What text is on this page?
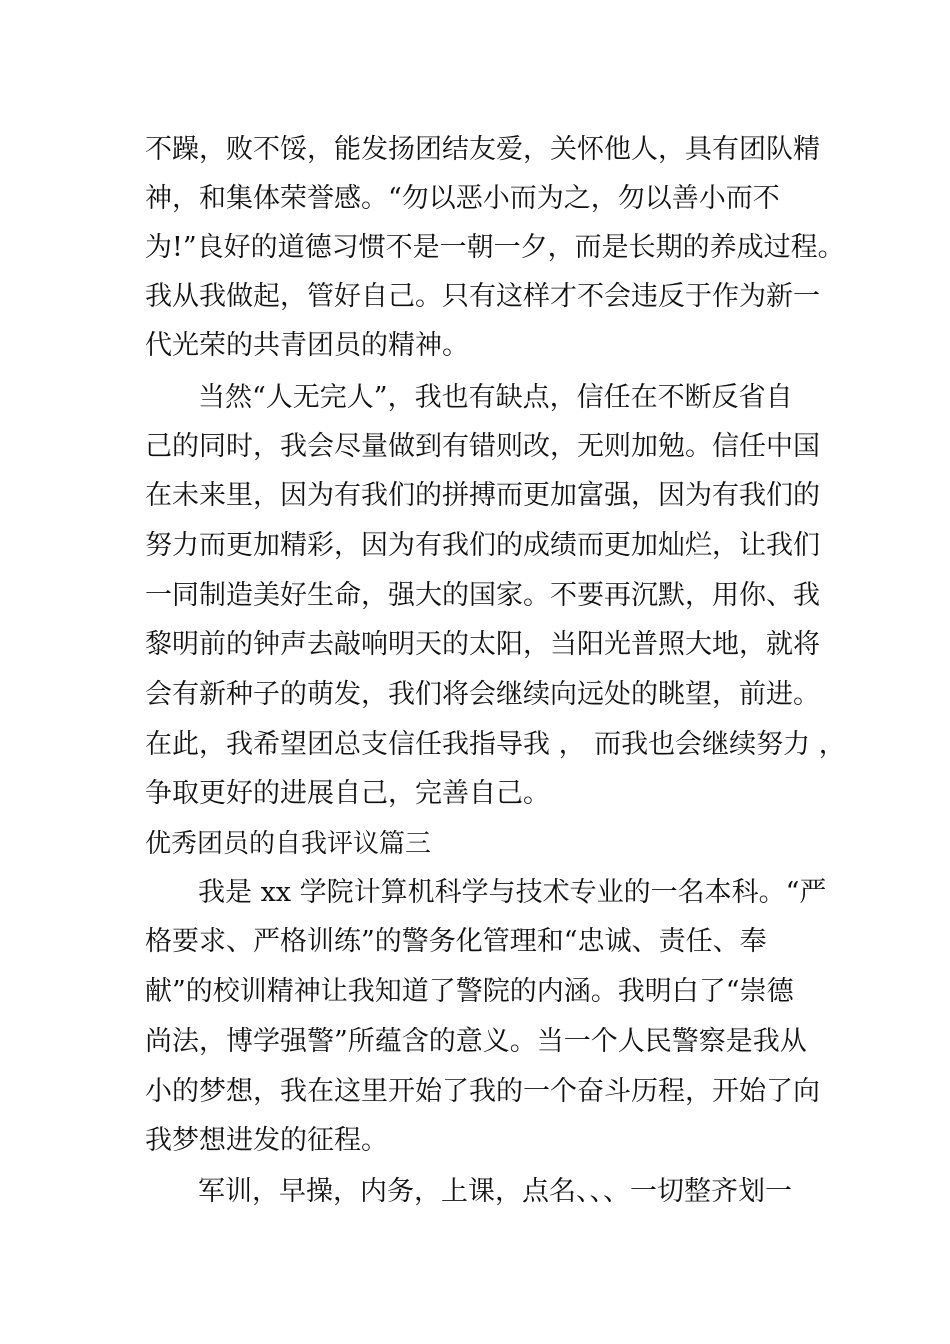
不躁，败不馁，能发扬团结友爱，关怀他人，具有团队精
神，和集体荣誉感。“勿以恶小而为之，勿以善小而不
为!”良好的道德习惯不是一朝一夕，而是长期的养成过程。
我从我做起，管好自己。只有这样才不会违反于作为新一
代光荣的共青团员的精神。
当然“人无完人”，我也有缺点，信任在不断反省自
己的同时，我会尽量做到有错则改，无则加勉。信任中国
在未来里，因为有我们的拼搏而更加富强，因为有我们的
努力而更加精彩，因为有我们的成绩而更加灿烂，让我们
一同制造美好生命，强大的国家。不要再沉默，用你、我
黎明前的钟声去敲响明天的太阳，当阳光普照大地，就将
会有新种子的萌发，我们将会继续向远处的眺望，前进。
在此，我希望团总支信任我指导我 ， 而我也会继续努力 ，
争取更好的进展自己，完善自己。
优秀团员的自我评议篇三
我是 xx 学院计算机科学与技术专业的一名本科。“严
格要求、严格训练”的警务化管理和“忠诚、责任、奉
献”的校训精神让我知道了警院的内涵。我明白了“崇德
尚法，博学强警”所蕴含的意义。当一个人民警察是我从
小的梦想，我在这里开始了我的一个奋斗历程，开始了向
我梦想进发的征程。
军训，早操，内务，上课，点名、、、一切整齐划一
